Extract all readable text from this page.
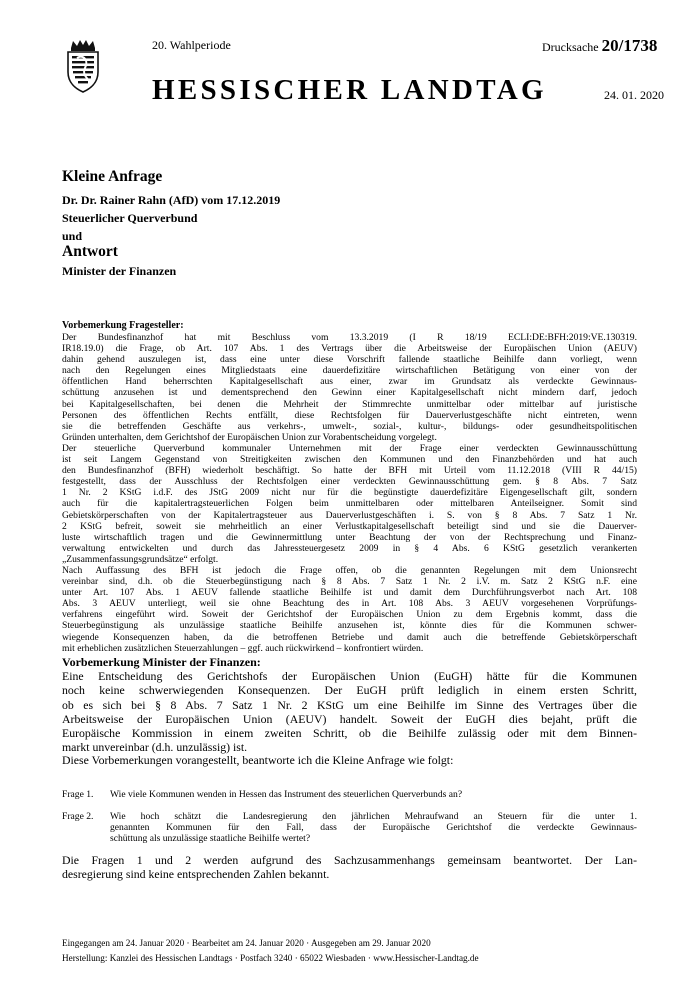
20. Wahlperiode	Drucksache 20/1738
HESSISCHER LANDTAG	24. 01. 2020
Kleine Anfrage
Dr. Dr. Rainer Rahn (AfD) vom 17.12.2019
Steuerlicher Querverbund
und
Antwort
Minister der Finanzen
Vorbemerkung Fragesteller:
Der Bundesfinanzhof hat mit Beschluss vom 13.3.2019 (I R 18/19 ECLI:DE:BFH:2019:VE.130319.
IR18.19.0) die Frage, ob Art. 107 Abs. 1 des Vertrags über die Arbeitsweise der Europäischen Union (AEUV)
dahin gehend auszulegen ist, dass eine unter diese Vorschrift fallende staatliche Beihilfe dann vorliegt, wenn
nach den Regelungen eines Mitgliedstaats eine dauerdefizitäre wirtschaftlichen Betätigung von einer von der
öffentlichen Hand beherrschten Kapitalgesellschaft aus einer, zwar im Grundsatz als verdeckte Gewinnaus-
schüttung anzusehen ist und dementsprechend den Gewinn einer Kapitalgesellschaft nicht mindern darf, jedoch
bei Kapitalgesellschaften, bei denen die Mehrheit der Stimmrechte unmittelbar oder mittelbar auf juristische
Personen des öffentlichen Rechts entfällt, diese Rechtsfolgen für Dauerverlustgeschäfte nicht eintreten, wenn
sie die betreffenden Geschäfte aus verkehrs-, umwelt-, sozial-, kultur-, bildungs- oder gesundheitspolitischen
Gründen unterhalten, dem Gerichtshof der Europäischen Union zur Vorabentscheidung vorgelegt.
Der steuerliche Querverbund kommunaler Unternehmen mit der Frage einer verdeckten Gewinnausschüttung
ist seit Langem Gegenstand von Streitigkeiten zwischen den Kommunen und den Finanzbehörden und hat auch
den Bundesfinanzhof (BFH) wiederholt beschäftigt. So hatte der BFH mit Urteil vom 11.12.2018 (VIII R 44/15)
festgestellt, dass der Ausschluss der Rechtsfolgen einer verdeckten Gewinnausschüttung gem. § 8 Abs. 7 Satz
1 Nr. 2 KStG i.d.F. des JStG 2009 nicht nur für die begünstigte dauerdefizitäre Eigengesellschaft gilt, sondern
auch für die kapitalertragsteuerlichen Folgen beim unmittelbaren oder mittelbaren Anteilseigner. Somit sind
Gebietskörperschaften von der Kapitalertragsteuer aus Dauerverlustgeschäften i. S. von § 8 Abs. 7 Satz 1 Nr.
2 KStG befreit, soweit sie mehrheitlich an einer Verlustkapitalgesellschaft beteiligt sind und sie die Dauerver-
luste wirtschaftlich tragen und die Gewinnermittlung unter Beachtung der von der Rechtsprechung und Finanz-
verwaltung entwickelten und durch das Jahressteuergesetz 2009 in § 4 Abs. 6 KStG gesetzlich verankerten
„Zusammenfassungsgrundsätze“ erfolgt.
Nach Auffassung des BFH ist jedoch die Frage offen, ob die genannten Regelungen mit dem Unionsrecht
vereinbar sind, d.h. ob die Steuerbegünstigung nach § 8 Abs. 7 Satz 1 Nr. 2 i.V. m. Satz 2 KStG n.F. eine
unter Art. 107 Abs. 1 AEUV fallende staatliche Beihilfe ist und damit dem Durchführungsverbot nach Art. 108
Abs. 3 AEUV unterliegt, weil sie ohne Beachtung des in Art. 108 Abs. 3 AEUV vorgesehenen Vorprüfungs-
verfahrens eingeführt wird. Soweit der Gerichtshof der Europäischen Union zu dem Ergebnis kommt, dass die
Steuerbegünstigung als unzulässige staatliche Beihilfe anzusehen ist, könnte dies für die Kommunen schwer-
wiegende Konsequenzen haben, da die betroffenen Betriebe und damit auch die betreffende Gebietskörperschaft
mit erheblichen zusätzlichen Steuerzahlungen – ggf. auch rückwirkend – konfrontiert würden.
Vorbemerkung Minister der Finanzen:
Eine Entscheidung des Gerichtshofs der Europäischen Union (EuGH) hätte für die Kommunen
noch keine schwerwiegenden Konsequenzen. Der EuGH prüft lediglich in einem ersten Schritt,
ob es sich bei § 8 Abs. 7 Satz 1 Nr. 2 KStG um eine Beihilfe im Sinne des Vertrages über die
Arbeitsweise der Europäischen Union (AEUV) handelt. Soweit der EuGH dies bejaht, prüft die
Europäische Kommission in einem zweiten Schritt, ob die Beihilfe zulässig oder mit dem Binnen-
markt unvereinbar (d.h. unzulässig) ist.
Diese Vorbemerkungen vorangestellt, beantworte ich die Kleine Anfrage wie folgt:
Frage 1. Wie viele Kommunen wenden in Hessen das Instrument des steuerlichen Querverbunds an?
Frage 2. Wie hoch schätzt die Landesregierung den jährlichen Mehraufwand an Steuern für die unter 1.
genannten Kommunen für den Fall, dass der Europäische Gerichtshof die verdeckte Gewinnaus-
schüttung als unzulässige staatliche Beihilfe wertet?
Die Fragen 1 und 2 werden aufgrund des Sachzusammenhangs gemeinsam beantwortet. Der Lan-
desregierung sind keine entsprechenden Zahlen bekannt.
Eingegangen am 24. Januar 2020 · Bearbeitet am 24. Januar 2020 · Ausgegeben am 29. Januar 2020
Herstellung: Kanzlei des Hessischen Landtags · Postfach 3240 · 65022 Wiesbaden · www.Hessischer-Landtag.de
